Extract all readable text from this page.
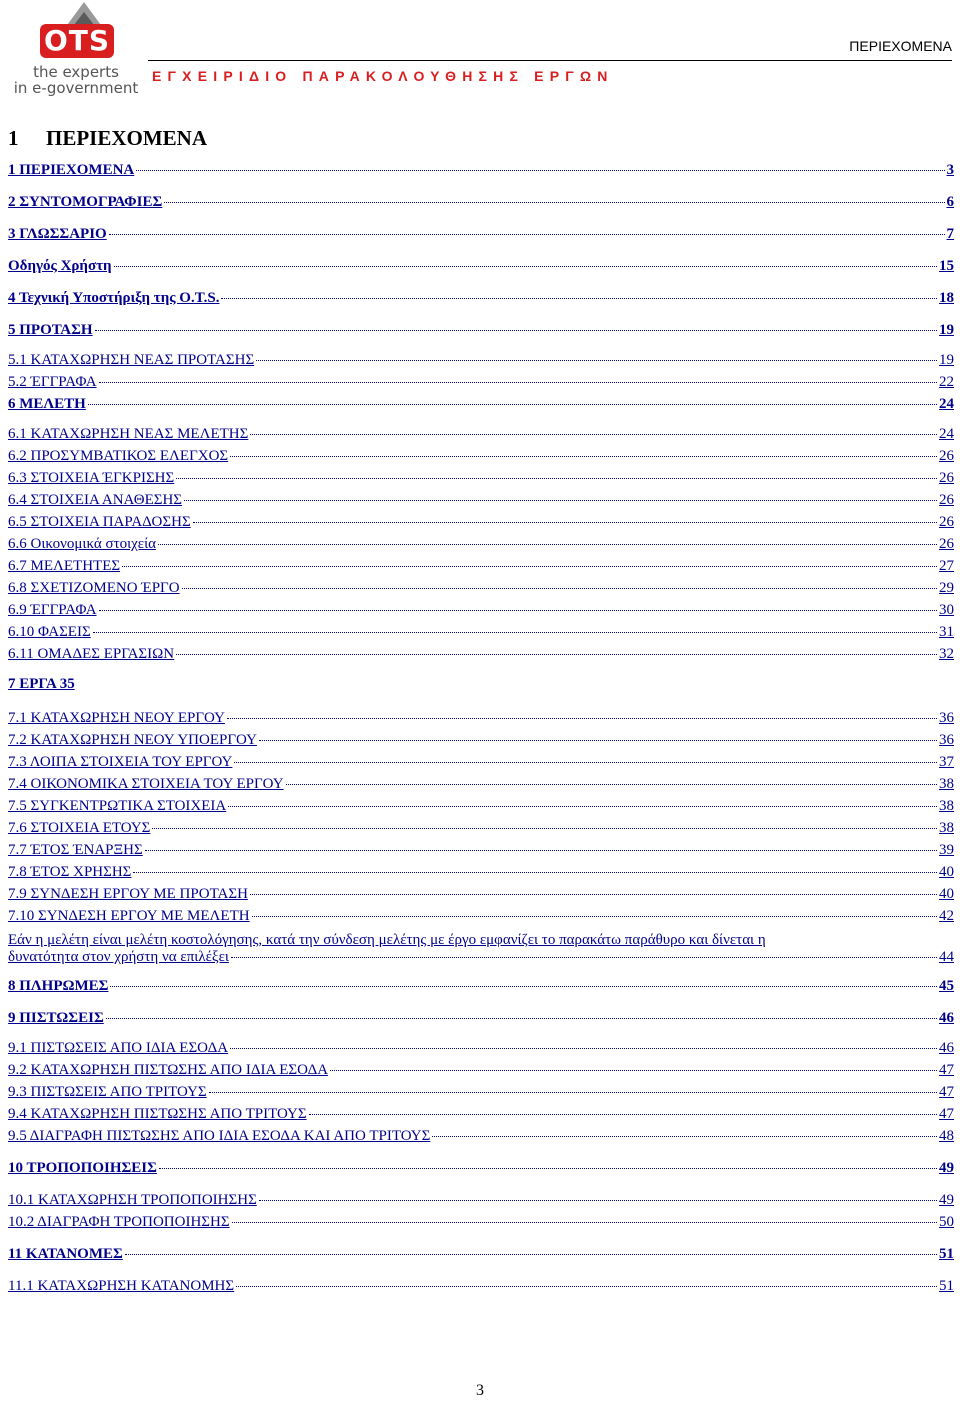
OTS
the experts
in e-government
ΠΕΡΙΕΧΟΜΕΝΑ
ΕΓΧΕΙΡΙΔΙΟ ΠΑΡΑΚΟΛΟΥΘΗΣΗΣ ΕΡΓΩΝ
1 ΠΕΡΙΕΧΟΜΕΝΑ
1 ΠΕΡΙΕΧΟΜΕΝΑ	3
2 ΣΥΝΤΟΜΟΓΡΑΦΙΕΣ	6
3 ΓΛΩΣΣΑΡΙΟ	7
Οδηγός Χρήστη	15
4 Τεχνική Υποστήριξη της O.T.S.	18
5 ΠΡΟΤΑΣΗ	19
5.1 ΚΑΤΑΧΩΡΗΣΗ ΝΕΑΣ ΠΡΟΤΑΣΗΣ	19
5.2 ΈΓΓΡΑΦΑ	22
6 ΜΕΛΕΤΗ	24
6.1 ΚΑΤΑΧΩΡΗΣΗ ΝΕΑΣ ΜΕΛΕΤΗΣ	24
6.2 ΠΡΟΣΥΜΒΑΤΙΚΟΣ ΕΛΕΓΧΟΣ	26
6.3 ΣΤΟΙΧΕΙΑ ΈΓΚΡΙΣΗΣ	26
6.4 ΣΤΟΙΧΕΙΑ ΑΝΑΘΕΣΗΣ	26
6.5 ΣΤΟΙΧΕΙΑ ΠΑΡΑΔΟΣΗΣ	26
6.6 Οικονομικά στοιχεία	26
6.7 ΜΕΛΕΤΗΤΕΣ	27
6.8 ΣΧΕΤΙΖΟΜΕΝΟ ΈΡΓΟ	29
6.9 ΈΓΓΡΑΦΑ	30
6.10 ΦΑΣΕΙΣ	31
6.11 ΟΜΑΔΕΣ ΕΡΓΑΣΙΩΝ	32
7 ΕΡΓΑ 35
7.1 ΚΑΤΑΧΩΡΗΣΗ ΝΕΟΥ ΕΡΓΟΥ	36
7.2 ΚΑΤΑΧΩΡΗΣΗ ΝΕΟΥ ΥΠΟΕΡΓΟΥ	36
7.3 ΛΟΙΠΑ ΣΤΟΙΧΕΙΑ ΤΟΥ ΕΡΓΟΥ	37
7.4 ΟΙΚΟΝΟΜΙΚΑ ΣΤΟΙΧΕΙΑ ΤΟΥ ΕΡΓΟΥ	38
7.5 ΣΥΓΚΕΝΤΡΩΤΙΚΑ ΣΤΟΙΧΕΙΑ	38
7.6 ΣΤΟΙΧΕΙΑ ΕΤΟΥΣ	38
7.7 ΈΤΟΣ ΈΝΑΡΞΗΣ	39
7.8 ΈΤΟΣ ΧΡΗΣΗΣ	40
7.9 ΣΥΝΔΕΣΗ ΕΡΓΟΥ ΜΕ ΠΡΟΤΑΣΗ	40
7.10 ΣΥΝΔΕΣΗ ΕΡΓΟΥ ΜΕ ΜΕΛΕΤΗ	42
Εάν η μελέτη είναι μελέτη κοστολόγησης, κατά την σύνδεση μελέτης με έργο εμφανίζει το παρακάτω παράθυρο και δίνεται η
δυνατότητα στον χρήστη να επιλέξει	44
8 ΠΛΗΡΩΜΕΣ	45
9 ΠΙΣΤΩΣΕΙΣ	46
9.1 ΠΙΣΤΩΣΕΙΣ ΑΠΟ ΙΔΙΑ ΕΣΟΔΑ	46
9.2 ΚΑΤΑΧΩΡΗΣΗ ΠΙΣΤΩΣΗΣ ΑΠΟ ΙΔΙΑ ΕΣΟΔΑ	47
9.3 ΠΙΣΤΩΣΕΙΣ ΑΠΟ ΤΡΙΤΟΥΣ	47
9.4 ΚΑΤΑΧΩΡΗΣΗ ΠΙΣΤΩΣΗΣ ΑΠΟ ΤΡΙΤΟΥΣ	47
9.5 ΔΙΑΓΡΑΦΗ ΠΙΣΤΩΣΗΣ ΑΠΟ ΙΔΙΑ ΕΣΟΔΑ ΚΑΙ ΑΠΟ ΤΡΙΤΟΥΣ	48
10 ΤΡΟΠΟΠΟΙΗΣΕΙΣ	49
10.1 ΚΑΤΑΧΩΡΗΣΗ ΤΡΟΠΟΠΟΙΗΣΗΣ	49
10.2 ΔΙΑΓΡΑΦΗ ΤΡΟΠΟΠΟΙΗΣΗΣ	50
11 ΚΑΤΑΝΟΜΕΣ	51
11.1 ΚΑΤΑΧΩΡΗΣΗ ΚΑΤΑΝΟΜΗΣ	51
3
